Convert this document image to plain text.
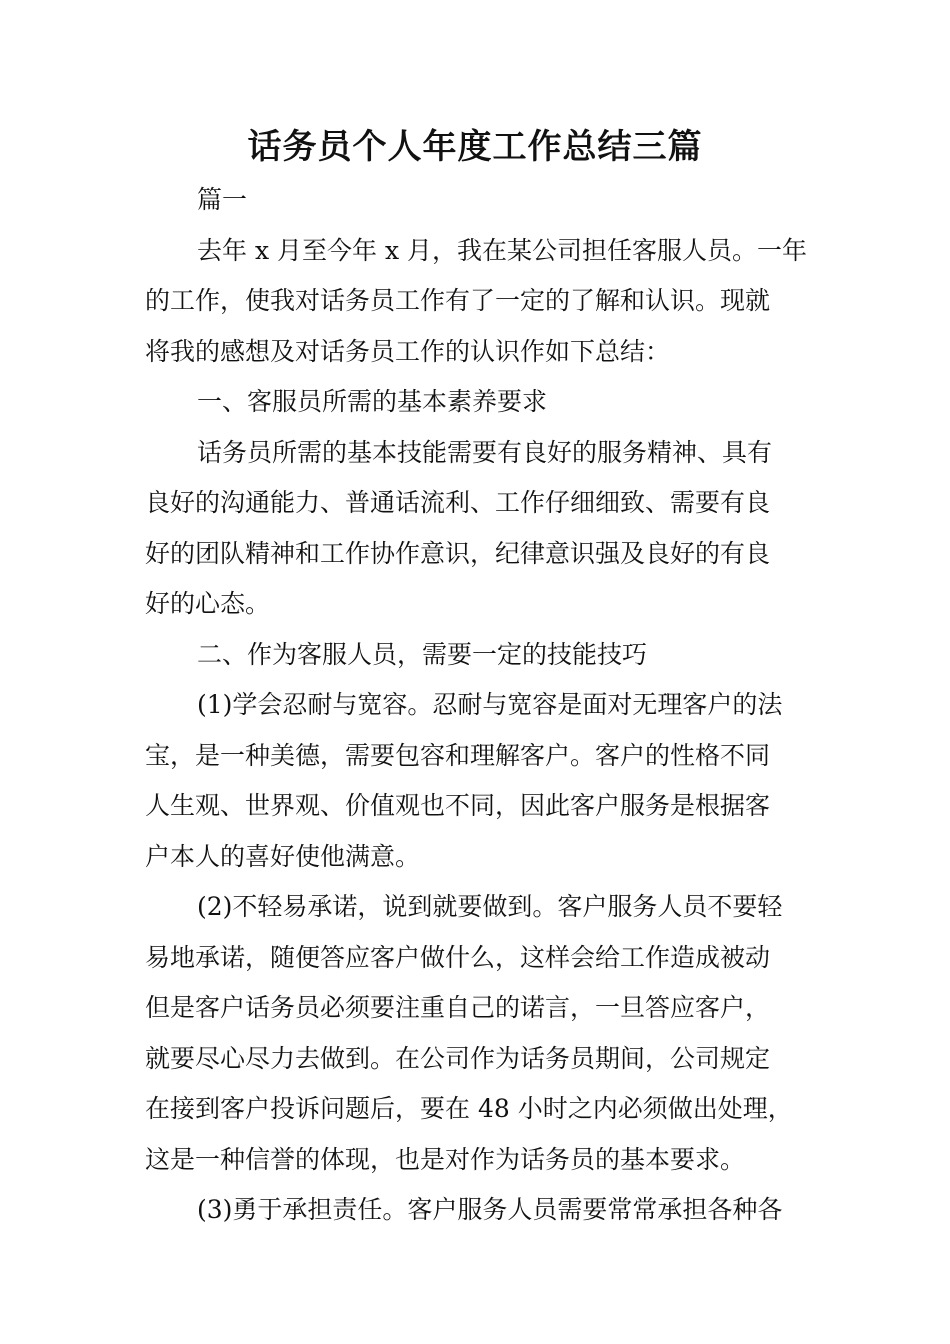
话务员个人年度工作总结三篇
篇一
去年 x 月至今年 x 月，我在某公司担任客服人员。一年
的工作，使我对话务员工作有了一定的了解和认识。现就
将我的感想及对话务员工作的认识作如下总结：
一、客服员所需的基本素养要求
话务员所需的基本技能需要有良好的服务精神、具有
良好的沟通能力、普通话流利、工作仔细细致、需要有良
好的团队精神和工作协作意识，纪律意识强及良好的有良
好的心态。
二、作为客服人员，需要一定的技能技巧
(1)学会忍耐与宽容。忍耐与宽容是面对无理客户的法
宝，是一种美德，需要包容和理解客户。客户的性格不同
人生观、世界观、价值观也不同，因此客户服务是根据客
户本人的喜好使他满意。
(2)不轻易承诺，说到就要做到。客户服务人员不要轻
易地承诺，随便答应客户做什么，这样会给工作造成被动
但是客户话务员必须要注重自己的诺言，一旦答应客户，
就要尽心尽力去做到。在公司作为话务员期间，公司规定
在接到客户投诉问题后，要在 48 小时之内必须做出处理，
这是一种信誉的体现，也是对作为话务员的基本要求。
(3)勇于承担责任。客户服务人员需要常常承担各种各
